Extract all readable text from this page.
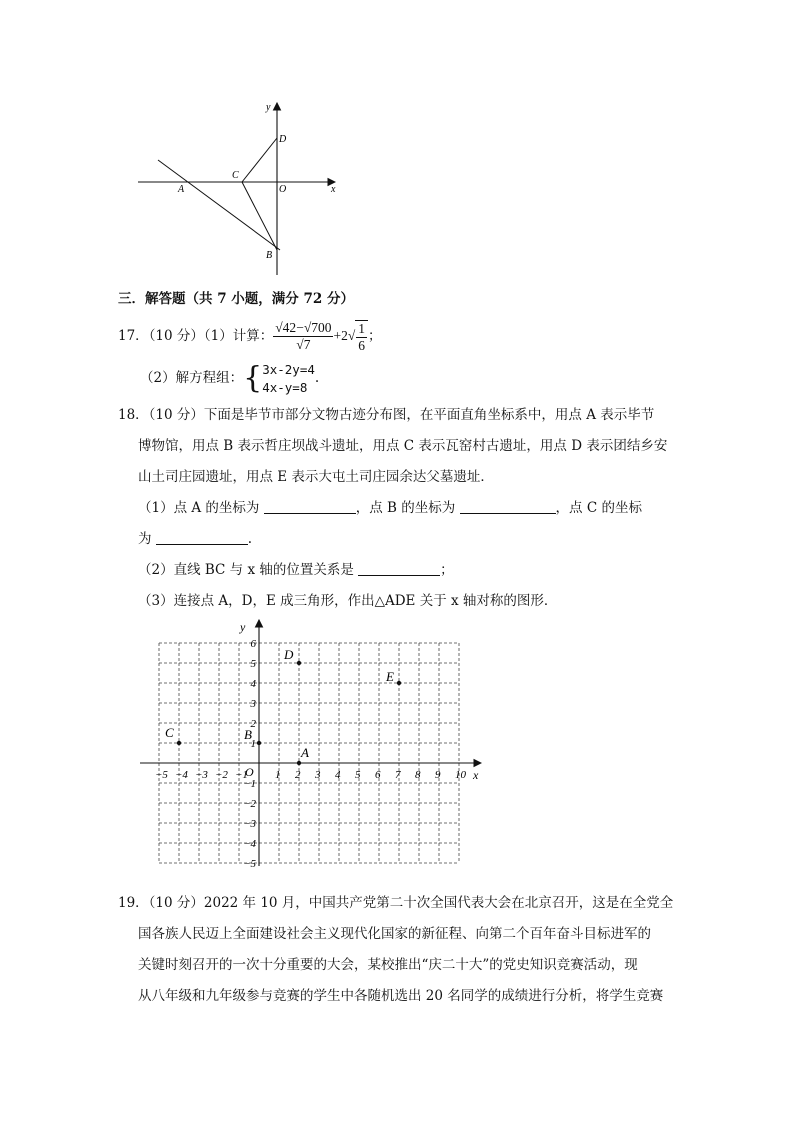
y
D
C
A	O	x
B
三．解答题（共 7 小题，满分 72 分）
17．（10 分）（1）计算： $\frac{√42-√700}{√7} +2√ \frac{1}{6}$ ；
（2）解方程组：{ 3x-2y=4
4x-y=8
.
18．（10 分）下面是毕节市部分文物古迹分布图，在平面直角坐标系中，用点 A 表示毕节
博物馆，用点 B 表示哲庄坝战斗遗址，用点 C 表示瓦窑村古遗址，用点 D 表示团结乡安
山土司庄园遗址，用点 E 表示大屯土司庄园余达父墓遗址．
（1）点 A 的坐标为	，点 B 的坐标为	，点 C 的坐标
为	.
（2）直线 BC 与 x 轴的位置关系是	；
（3）连接点 A，D，E 成三角形，作出△ADE 关于 x 轴对称的图形．
x
y
O
−5 −4 −3 −2 −1 1 2 3 4 5 6 7 8 9 10
6
5
4
3
2
1
−1
−2
−3
−4
−5
A
B
C
D
E
19．（10 分）2022 年 10 月，中国共产党第二十次全国代表大会在北京召开，这是在全党全
国各族人民迈上全面建设社会主义现代化国家的新征程、向第二个百年奋斗目标进军的
关键时刻召开的一次十分重要的大会，某校推出“庆二十大”的党史知识竞赛活动，现
从八年级和九年级参与竞赛的学生中各随机选出 20 名同学的成绩进行分析，将学生竞赛
